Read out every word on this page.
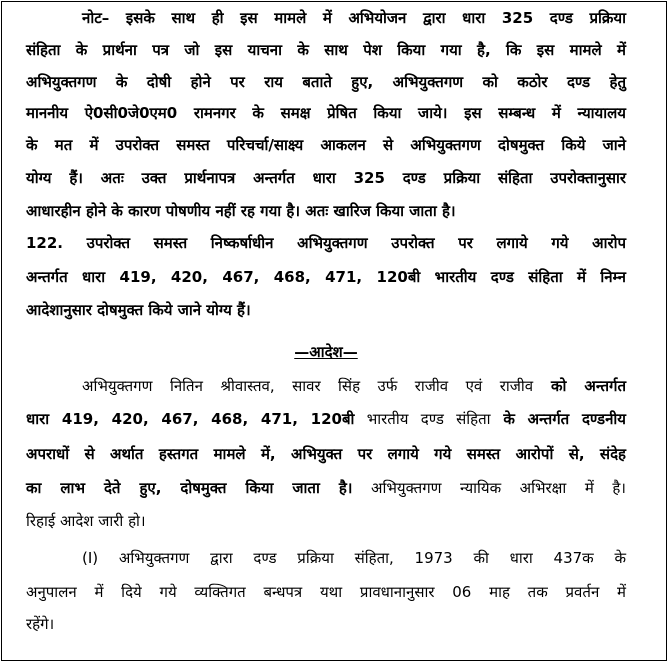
नोट– इसके साथ ही इस मामले में अभियोजन द्वारा धारा 325 दण्ड प्रक्रिया
संहिता के प्रार्थना पत्र जो इस याचना के साथ पेश किया गया है, कि इस मामले में
अभियुक्तगण के दोषी होने पर राय बताते हुए, अभियुक्तगण को कठोर दण्ड हेतु
माननीय ऐ0सी0जे0एम0 रामनगर के समक्ष प्रेषित किया जाये। इस सम्बन्ध में न्यायालय
के मत में उपरोक्त समस्त परिचर्चा/साक्ष्य आकलन से अभियुक्तगण दोषमुक्त किये जाने
योग्य हैं। अतः उक्त प्रार्थनापत्र अन्तर्गत धारा 325 दण्ड प्रक्रिया संहिता उपरोक्तानुसार
आधारहीन होने के कारण पोषणीय नहीं रह गया है। अतः खारिज किया जाता है।
122. उपरोक्त समस्त निष्कर्षाधीन अभियुक्तगण उपरोक्त पर लगाये गये आरोप
अन्तर्गत धारा 419, 420, 467, 468, 471, 120बी भारतीय दण्ड संहिता में निम्न
आदेशानुसार दोषमुक्त किये जाने योग्य हैं।
—आदेश—
अभियुक्तगण नितिन श्रीवास्तव, सावर सिंह उर्फ राजीव एवं राजीव को अन्तर्गत
धारा 419, 420, 467, 468, 471, 120बी भारतीय दण्ड संहिता के अन्तर्गत दण्डनीय
अपराधों से अर्थात हस्तगत मामले में, अभियुक्त पर लगाये गये समस्त आरोपों से, संदेह
का लाभ देते हुए, दोषमुक्त किया जाता है। अभियुक्तगण न्यायिक अभिरक्षा में है।
रिहाई आदेश जारी हो।
(I) अभियुक्तगण द्वारा दण्ड प्रक्रिया संहिता, 1973 की धारा 437क के
अनुपालन में दिये गये व्यक्तिगत बन्धपत्र यथा प्रावधानानुसार 06 माह तक प्रवर्तन में
रहेंगे।
